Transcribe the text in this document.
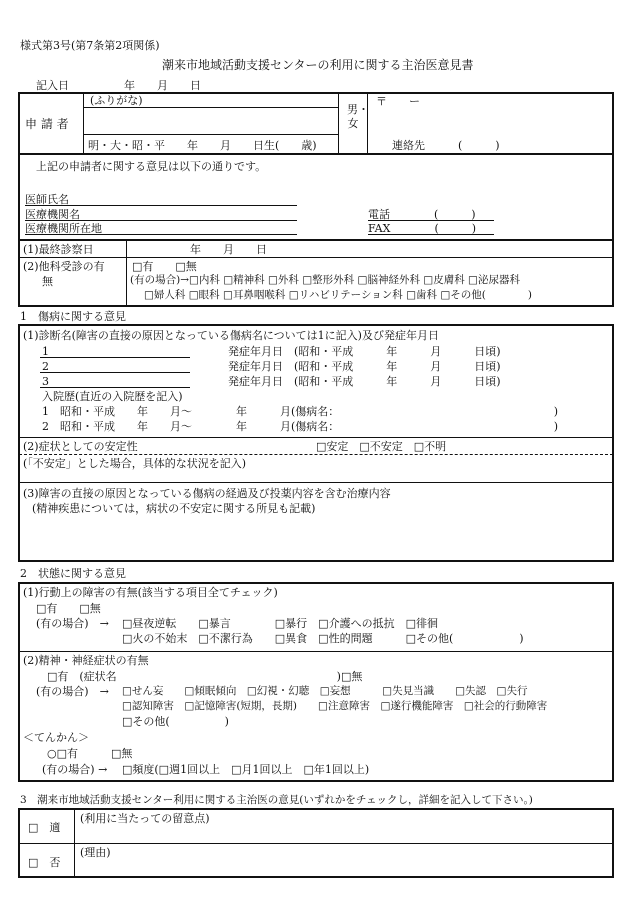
様式第3号(第7条第2項関係)
潮来市地域活動支援センターの利用に関する主治医意見書
記入日	年　　月　　日
申 請 者
(ふりがな)
明・大・昭・平　　年　　月　　日生(　　歳)
男・女
〒　　ー
連絡先　　　(　　　)
上記の申請者に関する意見は以下の通りです。
医師氏名
医療機関名
医療機関所在地
電話　　　　(　　　)
FAX　　　　(　　　)
(1)最終診察日	年　　月　　日
(2)他科受診の有
無
□有　　□無
(有の場合)→□内科 □精神科 □外科 □整形外科 □脳神経外科 □皮膚科 □泌尿器科
□婦人科 □眼科 □耳鼻咽喉科 □リハビリテーション科 □歯科 □その他(　　　　)
1　傷病に関する意見
(1)診断名(障害の直接の原因となっている傷病名については1に記入)及び発症年月日
1	発症年月日　(昭和・平成　　　年　　　月　　　日頃)
2	発症年月日　(昭和・平成　　　年　　　月　　　日頃)
3	発症年月日　(昭和・平成　　　年　　　月　　　日頃)
入院歴(直近の入院歴を記入)
1　昭和・平成　　年　　月～　　　　年　　　月(傷病名：　　　　　　　　　　　　　　　　　　　　)
2　昭和・平成　　年　　月～　　　　年　　　月(傷病名：　　　　　　　　　　　　　　　　　　　　)
(2)症状としての安定性	□安定　□不安定　□不明
(「不安定」とした場合，具体的な状況を記入)
(3)障害の直接の原因となっている傷病の経過及び投薬内容を含む治療内容
(精神疾患については，病状の不安定に関する所見も記載)
2　状態に関する意見
(1)行動上の障害の有無(該当する項目全てチェック)
□有　　□無
(有の場合)　→ □昼夜逆転　　□暴言　　　　□暴行　□介護への抵抗　□徘徊
□火の不始末　□不潔行為　　□異食　□性的問題　　　□その他(　　　　　　)
(2)精神・神経症状の有無
□有　(症状名　　　　　　　　　　　　　　　　　　　　)□無
(有の場合)　→ □せん妄　　□傾眠傾向　□幻視・幻聴　□妄想　　　□失見当識　　□失認　□失行
□認知障害　□記憶障害(短期，長期)　　□注意障害　□遂行機能障害　□社会的行動障害
□その他(　　　　　)
＜てんかん＞
○□有　　　□無
(有の場合) → □頻度(□週1回以上　□月1回以上　□年1回以上)
3　潮来市地域活動支援センター利用に関する主治医の意見(いずれかをチェックし，詳細を記入して下さい。)
□　適
(利用に当たっての留意点)
□　否
(理由)
